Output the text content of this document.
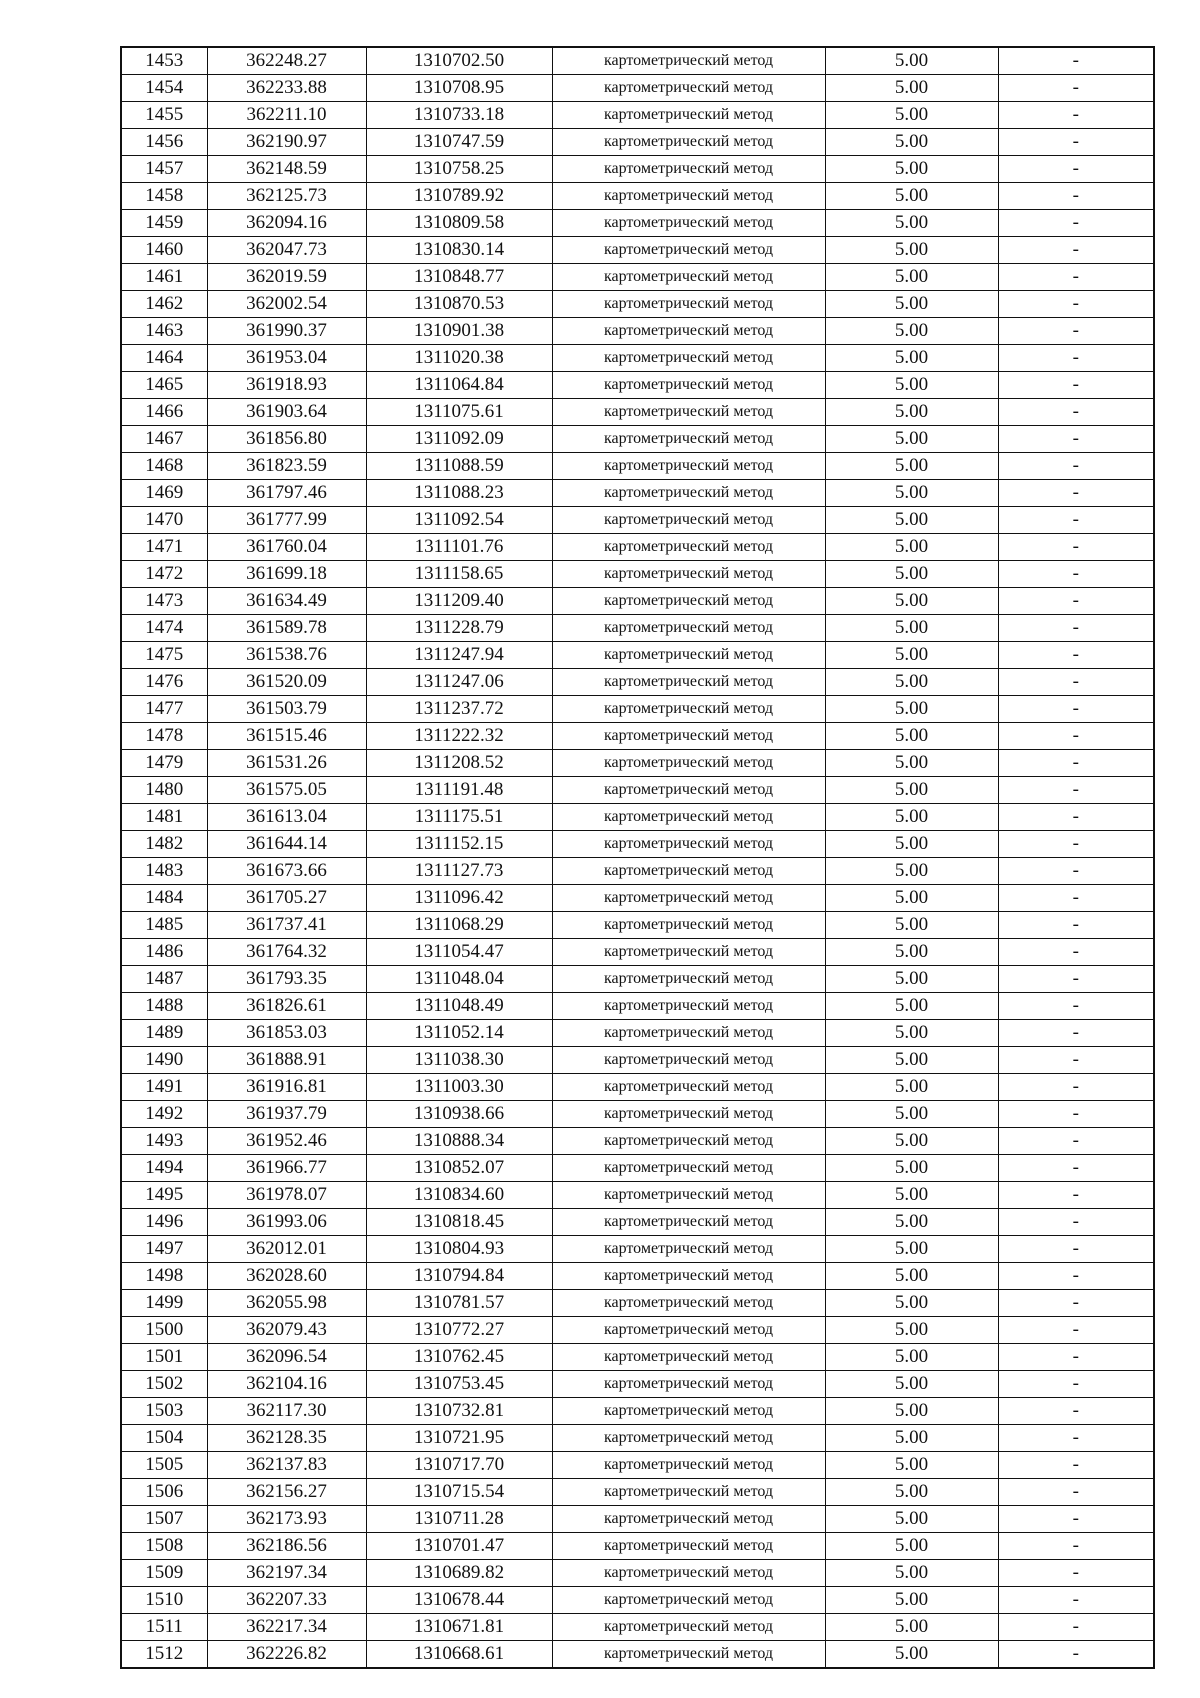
1453	362248.27	1310702.50	картометрический метод	5.00	-
1454	362233.88	1310708.95	картометрический метод	5.00	-
1455	362211.10	1310733.18	картометрический метод	5.00	-
1456	362190.97	1310747.59	картометрический метод	5.00	-
1457	362148.59	1310758.25	картометрический метод	5.00	-
1458	362125.73	1310789.92	картометрический метод	5.00	-
1459	362094.16	1310809.58	картометрический метод	5.00	-
1460	362047.73	1310830.14	картометрический метод	5.00	-
1461	362019.59	1310848.77	картометрический метод	5.00	-
1462	362002.54	1310870.53	картометрический метод	5.00	-
1463	361990.37	1310901.38	картометрический метод	5.00	-
1464	361953.04	1311020.38	картометрический метод	5.00	-
1465	361918.93	1311064.84	картометрический метод	5.00	-
1466	361903.64	1311075.61	картометрический метод	5.00	-
1467	361856.80	1311092.09	картометрический метод	5.00	-
1468	361823.59	1311088.59	картометрический метод	5.00	-
1469	361797.46	1311088.23	картометрический метод	5.00	-
1470	361777.99	1311092.54	картометрический метод	5.00	-
1471	361760.04	1311101.76	картометрический метод	5.00	-
1472	361699.18	1311158.65	картометрический метод	5.00	-
1473	361634.49	1311209.40	картометрический метод	5.00	-
1474	361589.78	1311228.79	картометрический метод	5.00	-
1475	361538.76	1311247.94	картометрический метод	5.00	-
1476	361520.09	1311247.06	картометрический метод	5.00	-
1477	361503.79	1311237.72	картометрический метод	5.00	-
1478	361515.46	1311222.32	картометрический метод	5.00	-
1479	361531.26	1311208.52	картометрический метод	5.00	-
1480	361575.05	1311191.48	картометрический метод	5.00	-
1481	361613.04	1311175.51	картометрический метод	5.00	-
1482	361644.14	1311152.15	картометрический метод	5.00	-
1483	361673.66	1311127.73	картометрический метод	5.00	-
1484	361705.27	1311096.42	картометрический метод	5.00	-
1485	361737.41	1311068.29	картометрический метод	5.00	-
1486	361764.32	1311054.47	картометрический метод	5.00	-
1487	361793.35	1311048.04	картометрический метод	5.00	-
1488	361826.61	1311048.49	картометрический метод	5.00	-
1489	361853.03	1311052.14	картометрический метод	5.00	-
1490	361888.91	1311038.30	картометрический метод	5.00	-
1491	361916.81	1311003.30	картометрический метод	5.00	-
1492	361937.79	1310938.66	картометрический метод	5.00	-
1493	361952.46	1310888.34	картометрический метод	5.00	-
1494	361966.77	1310852.07	картометрический метод	5.00	-
1495	361978.07	1310834.60	картометрический метод	5.00	-
1496	361993.06	1310818.45	картометрический метод	5.00	-
1497	362012.01	1310804.93	картометрический метод	5.00	-
1498	362028.60	1310794.84	картометрический метод	5.00	-
1499	362055.98	1310781.57	картометрический метод	5.00	-
1500	362079.43	1310772.27	картометрический метод	5.00	-
1501	362096.54	1310762.45	картометрический метод	5.00	-
1502	362104.16	1310753.45	картометрический метод	5.00	-
1503	362117.30	1310732.81	картометрический метод	5.00	-
1504	362128.35	1310721.95	картометрический метод	5.00	-
1505	362137.83	1310717.70	картометрический метод	5.00	-
1506	362156.27	1310715.54	картометрический метод	5.00	-
1507	362173.93	1310711.28	картометрический метод	5.00	-
1508	362186.56	1310701.47	картометрический метод	5.00	-
1509	362197.34	1310689.82	картометрический метод	5.00	-
1510	362207.33	1310678.44	картометрический метод	5.00	-
1511	362217.34	1310671.81	картометрический метод	5.00	-
1512	362226.82	1310668.61	картометрический метод	5.00	-
